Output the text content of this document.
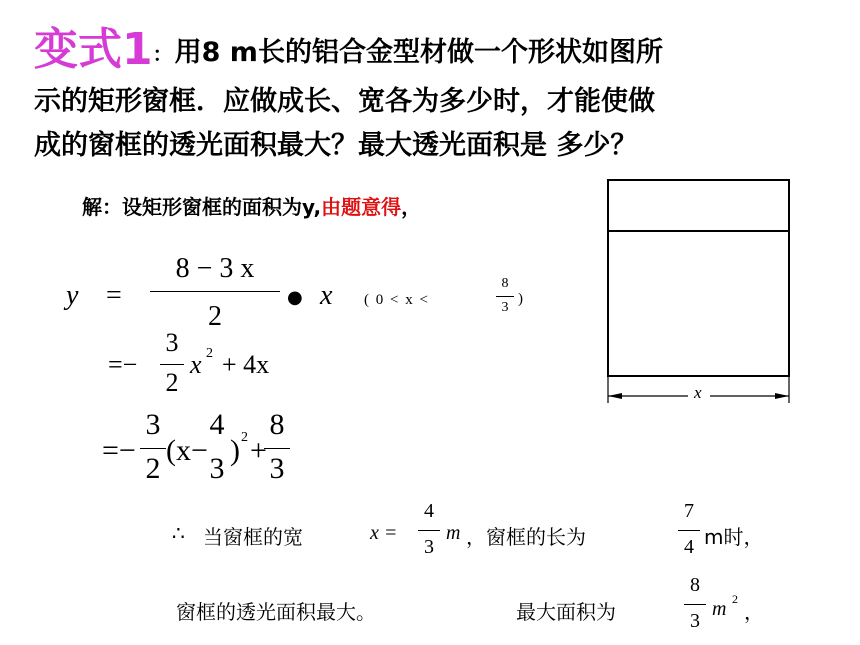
变式1：用8 m长的铝合金型材做一个形状如图所
示的矩形窗框．应做成长、宽各为多少时，才能使做
成的窗框的透光面积最大？最大透光面积是 多少？
解：设矩形窗框的面积为y,由题意得，
y =
8 − 3 x
2
● x ( 0 < x <
8
3
)
=−
3
2
x 2 + 4x
=−
3
2
(x−
4
3
) 2 +
8
3
∴ 当窗框的宽	x =
4
3
m ，窗框的长为
7
4 m时，
窗框的透光面积最大。	最大面积为
8
3
m 2
，
x
